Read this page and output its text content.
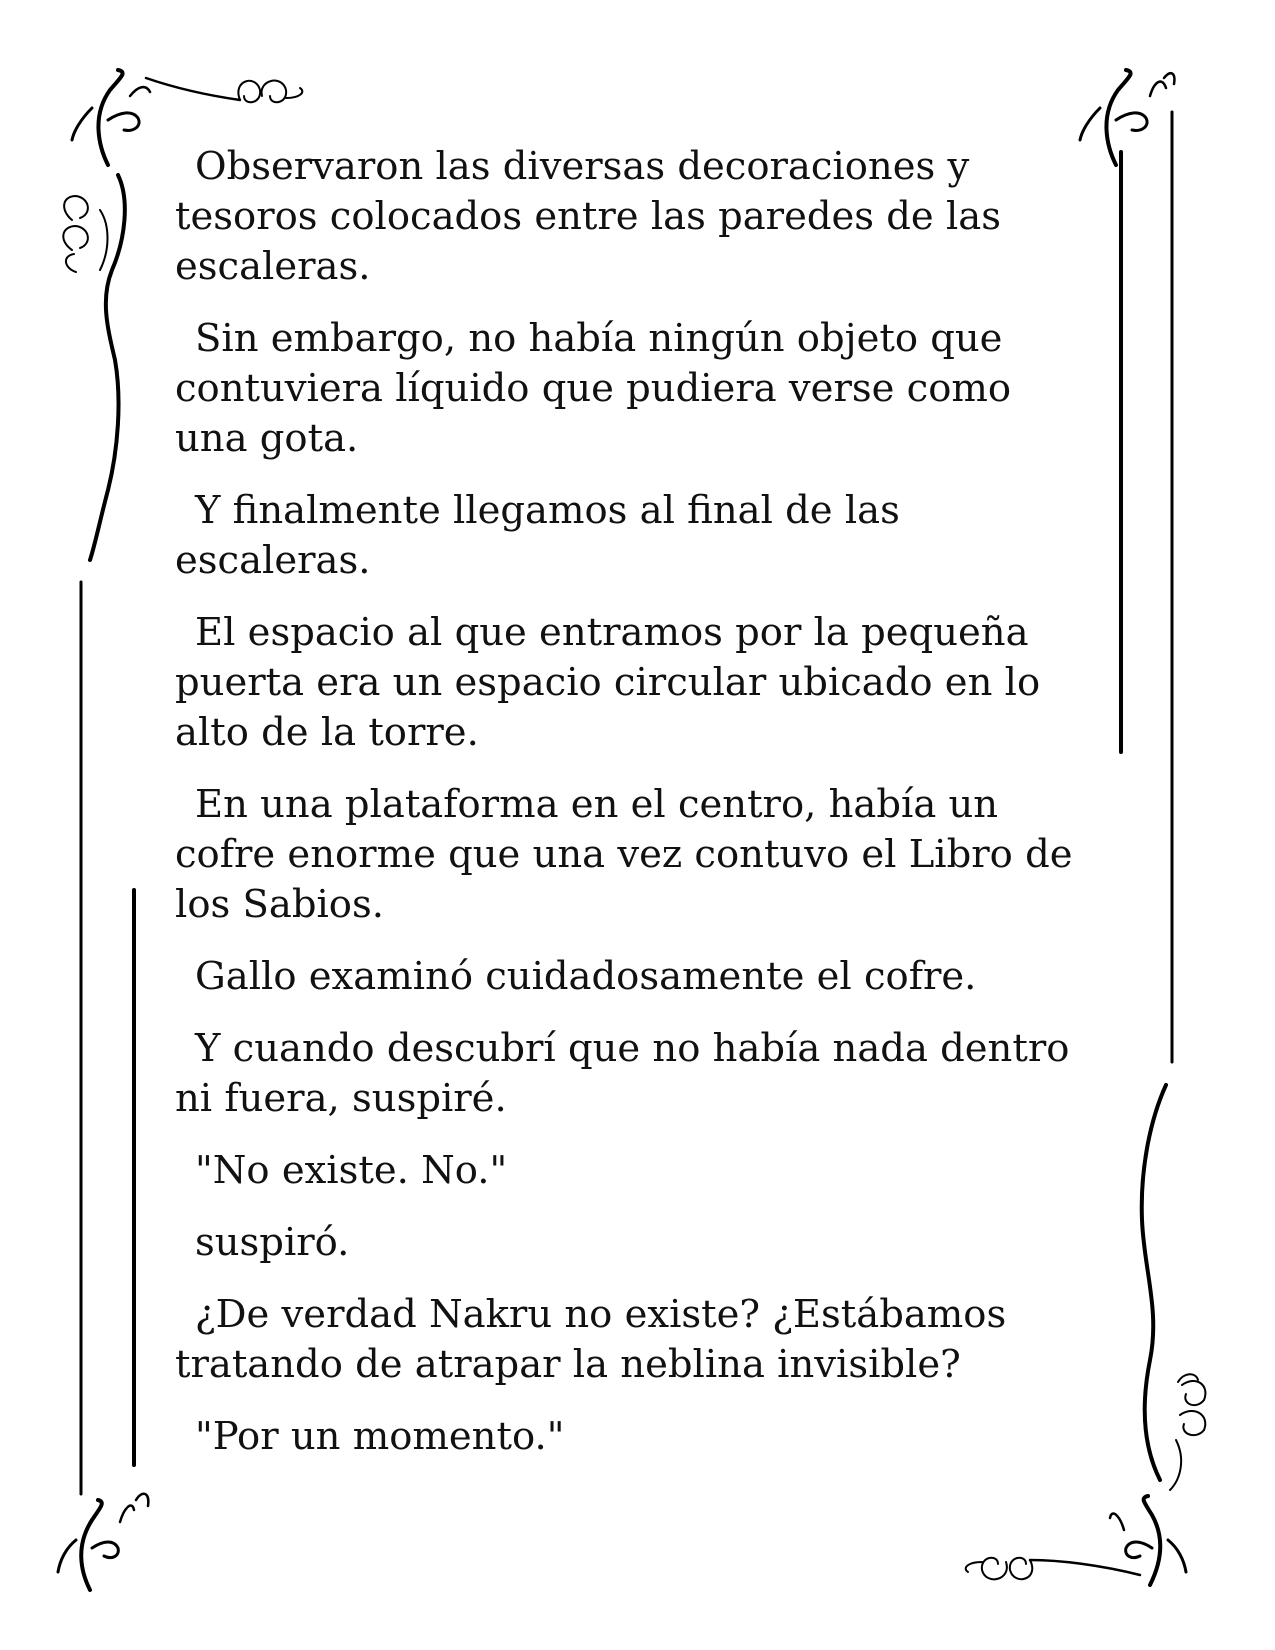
Observaron las diversas decoraciones y tesoros colocados entre las paredes de las escaleras.

Sin embargo, no había ningún objeto que contuviera líquido que pudiera verse como una gota.

Y finalmente llegamos al final de las escaleras.

El espacio al que entramos por la pequeña puerta era un espacio circular ubicado en lo alto de la torre.

En una plataforma en el centro, había un cofre enorme que una vez contuvo el Libro de los Sabios.

Gallo examinó cuidadosamente el cofre.

Y cuando descubrí que no había nada dentro ni fuera, suspiré.

"No existe. No."

suspiró.

¿De verdad Nakru no existe? ¿Estábamos tratando de atrapar la neblina invisible?

"Por un momento."
